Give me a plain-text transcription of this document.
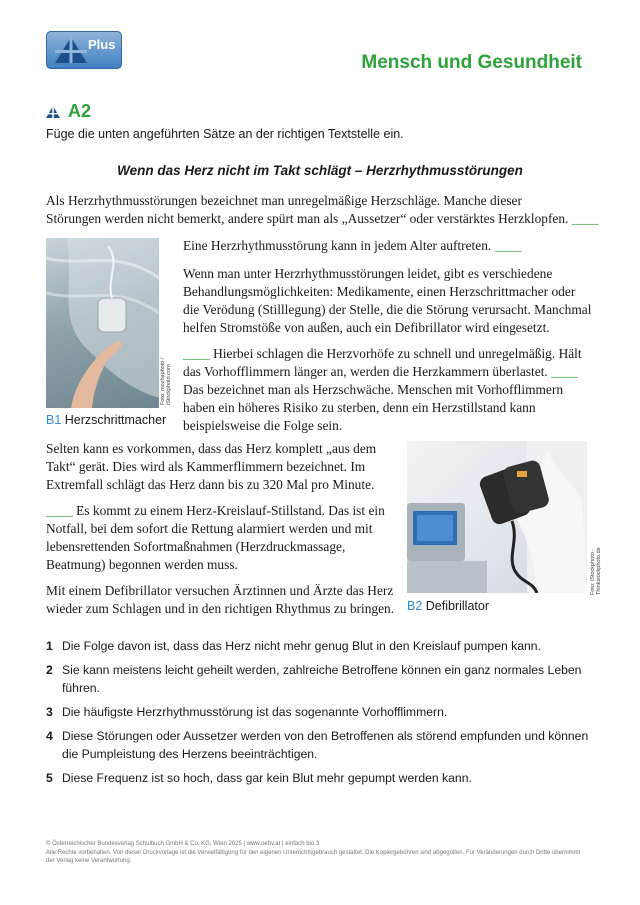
Plus
Mensch und Gesundheit
A2
Füge die unten angeführten Sätze an der richtigen Textstelle ein.
Wenn das Herz nicht im Takt schlägt – Herzrhythmusstörungen
Als Herzrhythmusstörungen bezeichnet man unregelmäßige Herzschläge. Manche dieser
Störungen werden nicht bemerkt, andere spürt man als „Aussetzer“ oder verstärktes Herzklopfen. ____
Foto: mozhaphoto / iStockphoto.com
B1 Herzschrittmacher
Eine Herzrhythmusstörung kann in jedem Alter auftreten. ____
Wenn man unter Herzrhythmusstörungen leidet, gibt es verschiedene Behandlungsmöglichkeiten: Medikamente, einen Herzschrittmacher oder die Verödung (Stilllegung) der Stelle, die die Störung verursacht. Manchmal helfen Stromstöße von außen, auch ein Defibrillator wird eingesetzt.
____ Hierbei schlagen die Herzvorhöfe zu schnell und unregelmäßig. Hält das Vorhofflimmern länger an, werden die Herzkammern überlastet. ____ Das bezeichnet man als Herzschwäche. Menschen mit Vorhofflimmern haben ein höheres Risiko zu sterben, denn ein Herzstillstand kann beispielsweise die Folge sein.
Selten kann es vorkommen, dass das Herz komplett „aus dem Takt“ gerät. Dies wird als Kammerflimmern bezeichnet. Im Extremfall schlägt das Herz dann bis zu 320 Mal pro Minute.
____ Es kommt zu einem Herz-Kreislauf-Stillstand. Das ist ein Notfall, bei dem sofort die Rettung alarmiert werden und mit lebensrettenden Sofortmaßnahmen (Herzdruckmassage, Beatmung) begonnen werden muss.
Mit einem Defibrillator versuchen Ärztinnen und Ärzte das Herz wieder zum Schlagen und in den richtigen Rhythmus zu bringen.
Foto: iStockphoto - Thinkstockphoto.de
B2 Defibrillator
1 Die Folge davon ist, dass das Herz nicht mehr genug Blut in den Kreislauf pumpen kann.
2 Sie kann meistens leicht geheilt werden, zahlreiche Betroffene können ein ganz normales Leben führen.
3 Die häufigste Herzrhythmusstörung ist das sogenannte Vorhofflimmern.
4 Diese Störungen oder Aussetzer werden von den Betroffenen als störend empfunden und können die Pumpleistung des Herzens beeinträchtigen.
5 Diese Frequenz ist so hoch, dass gar kein Blut mehr gepumpt werden kann.
© Österreichischer Bundesverlag Schulbuch GmbH & Co. KG, Wien 2025 | www.oebv.at | einfach bio 3
Alle Rechte vorbehalten. Von dieser Druckvorlage ist die Vervielfältigung für den eigenen Unterrichtsgebrauch gestattet. Die Kopiergebühren sind abgegolten. Für Veränderungen durch Dritte übernimmt der Verlag keine Verantwortung.
